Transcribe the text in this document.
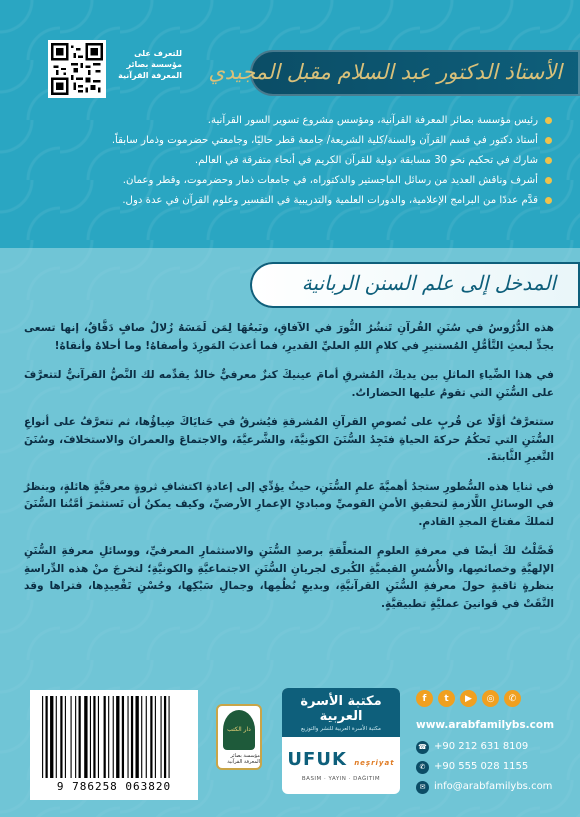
للتعرف على مؤسسة بصائر المعرفة القرآنية الأستاذ الدكتور عبد السلام مقبل المجيدي
رئيس مؤسسة بصائر المعرفة القرآنية، ومؤسس مشروع تسوير السور القرآنية.
أستاذ دكتور في قسم القرآن والسنة/كلية الشريعة/ جامعة قطر حاليًا، وجامعتي حضرموت وذمار سابقاً.
شارك في تحكيم نحو 30 مسابقة دولية للقرآن الكريم في أنحاء متفرقة في العالم.
أشرف وناقش العديد من رسائل الماجستير والدكتوراه، في جامعات ذمار وحضرموت، وقطر وعمان.
قدَّم عددًا من البرامج الإعلامية، والدورات العلمية والتدريبية في التفسير وعلوم القرآن في عدة دول.
المدخل إلى علم السنن الربانية

هذه الدُّرُوسُ في سُنَنِ القُرآنِ تَنشُرُ النُّورَ في الآفاقِ، ونَبعُهَا لِمَن لَمَسَهُ زُلالٌ صافٍ دَفَّاقٌ، إنها تسعى بجدٍّ لبعثِ التَّأمُّلِ المُستنيرِ في كلامِ اللهِ العليِّ القديرِ، فما أعذبَ المَورِدَ وأصفاهُ! وما أحلاهُ وأنقاهُ!

في هذا الضِّياءِ الماثلِ بين يديكَ، المُشرقِ أمامَ عينيكَ كنزٌ معرفيٌّ خالدٌ يقدِّمه لك النَّصُّ القرآنيُّ لتتعرَّفَ على السُّنَنِ التي تقومُ عليها الحضاراتُ.

ستتعرَّفُ أوَّلًا عن قُربٍ على نُصوصِ القرآنِ المُشرقةِ فيُشرقُ في حَنايَاكَ ضِياؤُها، ثم تتعرَّفُ على أنواعِ السُّنَنِ التي تَحكُمُ حركةَ الحياةِ فتَجِدُ السُّنَنَ الكونيَّةَ، والشَّرعيَّةَ، والاجتماعَ والعمرانَ والاستخلافَ، وسُنَنَ التَّغيرِ الثَّابتةَ.

في ثنايا هذه السُّطورِ ستجدُ أهميَّةَ علمِ السُّنَنِ، حيثُ يؤدِّي إلى إعادةِ اكتشافِ ثروةٍ معرفيَّةٍ هائلةٍ، وينظرُ في الوسائلِ اللَّازمةِ لتحقيقِ الأمنِ القوميِّ ومبادئِ الإعمارِ الأرضيِّ، وكيف يمكنُ أن تَستثمرَ أمَّتُنا السُّنَنَ لتملكَ مفتاحَ المجدِ القادمِ.

فَصَّلْتُ لكَ أيضًا في معرفةِ العلومِ المتعلِّقةِ برصدِ السُّنَنِ والاستثمارِ المعرفيِّ، ووسائلِ معرفةِ السُّنَنِ الإلهيَّةِ وخصائصِها، والأُسُسِ القيميَّةِ الكُبرى لجريانِ السُّنَنِ الاجتماعيَّةِ والكونيَّةِ؛ لتخرجَ منْ هذه الدِّراسةِ بنظرةٍ ثاقبةٍ حولَ معرفةِ السُّنَنِ القرآنيَّةِ، وبديعِ نُظُمِها، وجمالِ سَبْكِها، وحُسْنِ تَقْعِيدِها، فتراها وقد التَّقَتْ في قوانينَ عمليَّةٍ تطبيقيَّةٍ.

9 786258 063820
دار الكتب
مؤسسة بصائر المعرفة القرآنية
مكتبة الأسرة العربية
مكتبة الأسرة العربية للنشر والتوزيع
UFUK neşriyat
BASIM · YAYIN · DAĞITIM
f	t	▶	◎	✆
www.arabfamilybs.com
☎ +90 212 631 8109
✆ +90 555 028 1155
✉ info@arabfamilybs.com
